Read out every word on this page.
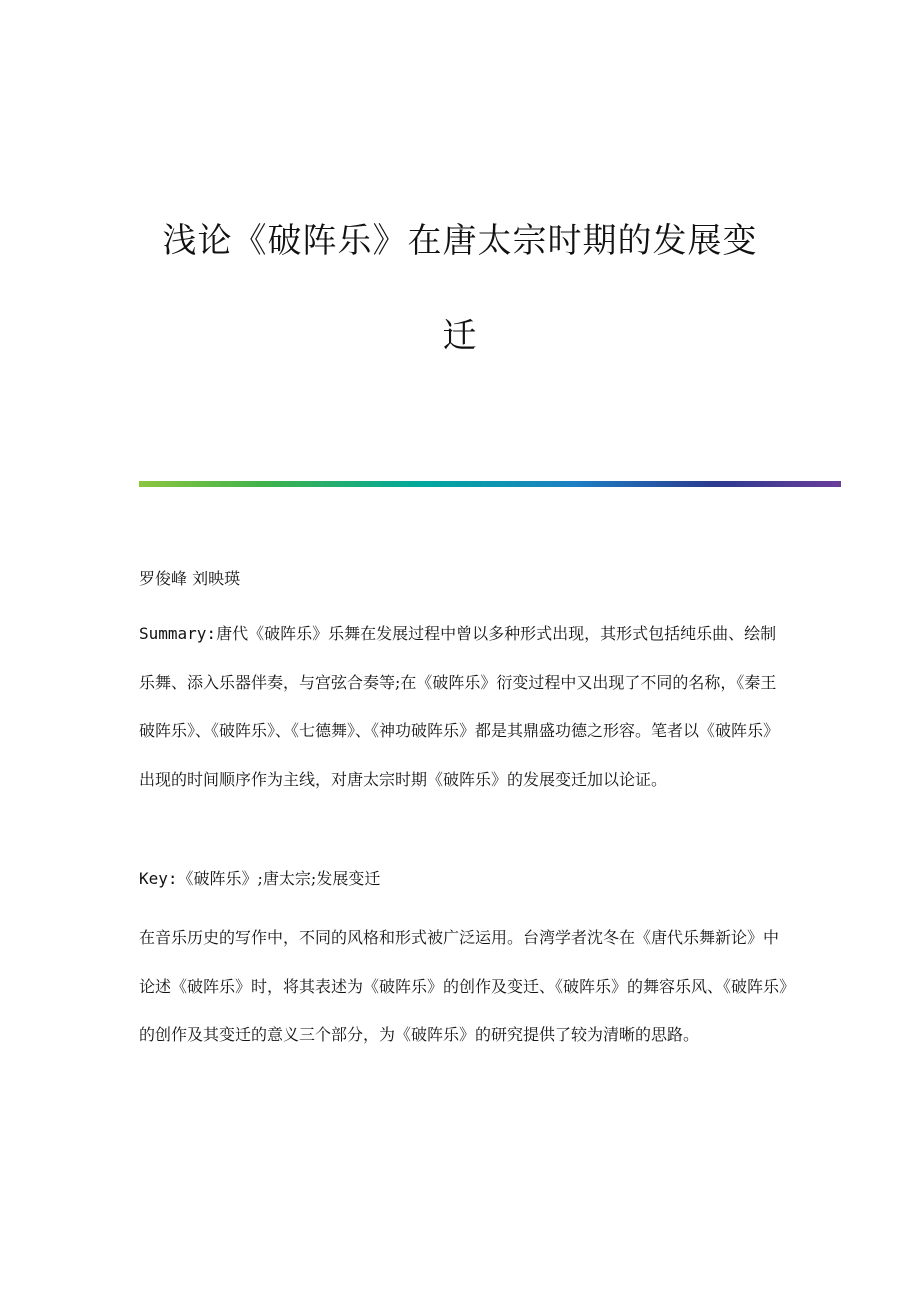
浅论《破阵乐》在唐太宗时期的发展变
迁

罗俊峰 刘映瑛

Summary:唐代《破阵乐》乐舞在发展过程中曾以多种形式出现，其形式包括纯乐曲、绘制乐舞、添入乐器伴奏，与宫弦合奏等;在《破阵乐》衍变过程中又出现了不同的名称，《秦王破阵乐》、《破阵乐》、《七德舞》、《神功破阵乐》都是其鼎盛功德之形容。笔者以《破阵乐》出现的时间顺序作为主线，对唐太宗时期《破阵乐》的发展变迁加以论证。

Key:《破阵乐》;唐太宗;发展变迁

在音乐历史的写作中，不同的风格和形式被广泛运用。台湾学者沈冬在《唐代乐舞新论》中论述《破阵乐》时，将其表述为《破阵乐》的创作及变迁、《破阵乐》的舞容乐风、《破阵乐》的创作及其变迁的意义三个部分，为《破阵乐》的研究提供了较为清晰的思路。
